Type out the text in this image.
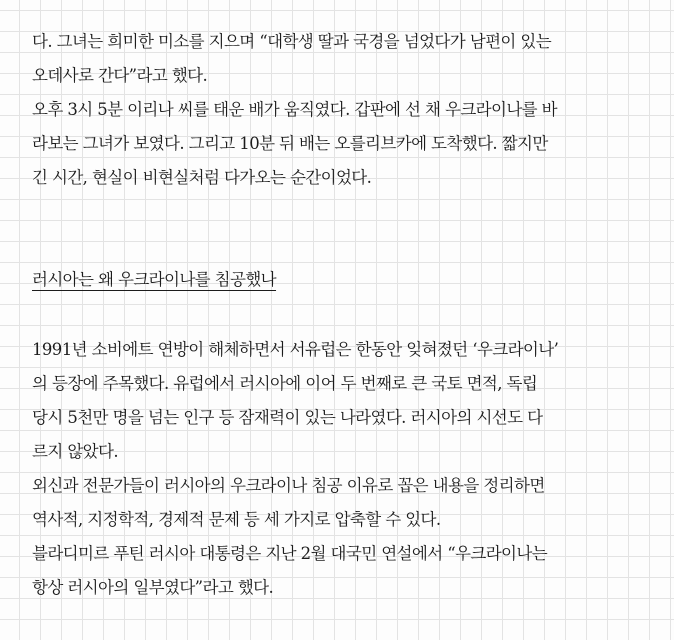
다. 그녀는 희미한 미소를 지으며 “대학생 딸과 국경을 넘었다가 남편이 있는
오데사로 간다”라고 했다.
오후 3시 5분 이리나 씨를 태운 배가 움직였다. 갑판에 선 채 우크라이나를 바
라보는 그녀가 보였다. 그리고 10분 뒤 배는 오를리브카에 도착했다. 짧지만
긴 시간, 현실이 비현실처럼 다가오는 순간이었다.
러시아는 왜 우크라이나를 침공했나
1991년 소비에트 연방이 해체하면서 서유럽은 한동안 잊혀졌던 ‘우크라이나’
의 등장에 주목했다. 유럽에서 러시아에 이어 두 번째로 큰 국토 면적, 독립
당시 5천만 명을 넘는 인구 등 잠재력이 있는 나라였다. 러시아의 시선도 다
르지 않았다.
외신과 전문가들이 러시아의 우크라이나 침공 이유로 꼽은 내용을 정리하면
역사적, 지정학적, 경제적 문제 등 세 가지로 압축할 수 있다.
블라디미르 푸틴 러시아 대통령은 지난 2월 대국민 연설에서 “우크라이나는
항상 러시아의 일부였다”라고 했다.
